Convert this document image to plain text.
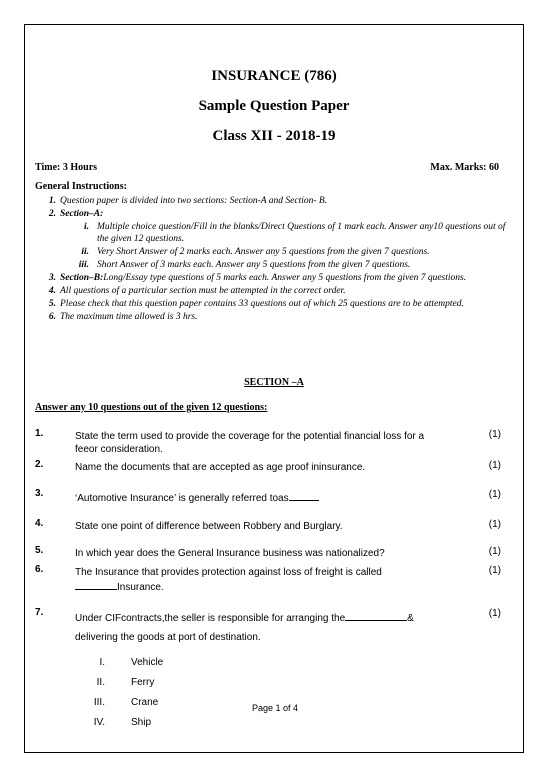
INSURANCE (786)
Sample Question Paper
Class XII - 2018-19
Time: 3 Hours	Max. Marks: 60
General Instructions:
1. Question paper is divided into two sections: Section-A and Section- B.
2. Section–A:
i. Multiple choice question/Fill in the blanks/Direct Questions of 1 mark each. Answer any10 questions out of the given 12 questions.
ii. Very Short Answer of 2 marks each. Answer any 5 questions from the given 7 questions.
iii. Short Answer of 3 marks each. Answer any 5 questions from the given 7 questions.
3. Section–B:Long/Essay type questions of 5 marks each. Answer any 5 questions from the given 7 questions.
4. All questions of a particular section must be attempted in the correct order.
5. Please check that this question paper contains 33 questions out of which 25 questions are to be attempted.
6. The maximum time allowed is 3 hrs.
SECTION –A
Answer any 10 questions out of the given 12 questions:
1.	State the term used to provide the coverage for the potential financial loss for a feeor consideration.
(1)
2.	Name the documents that are accepted as age proof ininsurance.	(1)
3.	‘Automotive Insurance’ is generally referred toas	(1)
4.	State one point of difference between Robbery and Burglary.	(1)
5.	In which year does the General Insurance business was nationalized?	(1)
6.	The Insurance that provides protection against loss of freight is called
Insurance.
(1)
7.
Under CIFcontracts,the seller is responsible for arranging the	&
delivering the goods at port of destination.
(1)
I.	Vehicle
II.	Ferry
III.	Crane
IV.	Ship
Page 1 of 4
